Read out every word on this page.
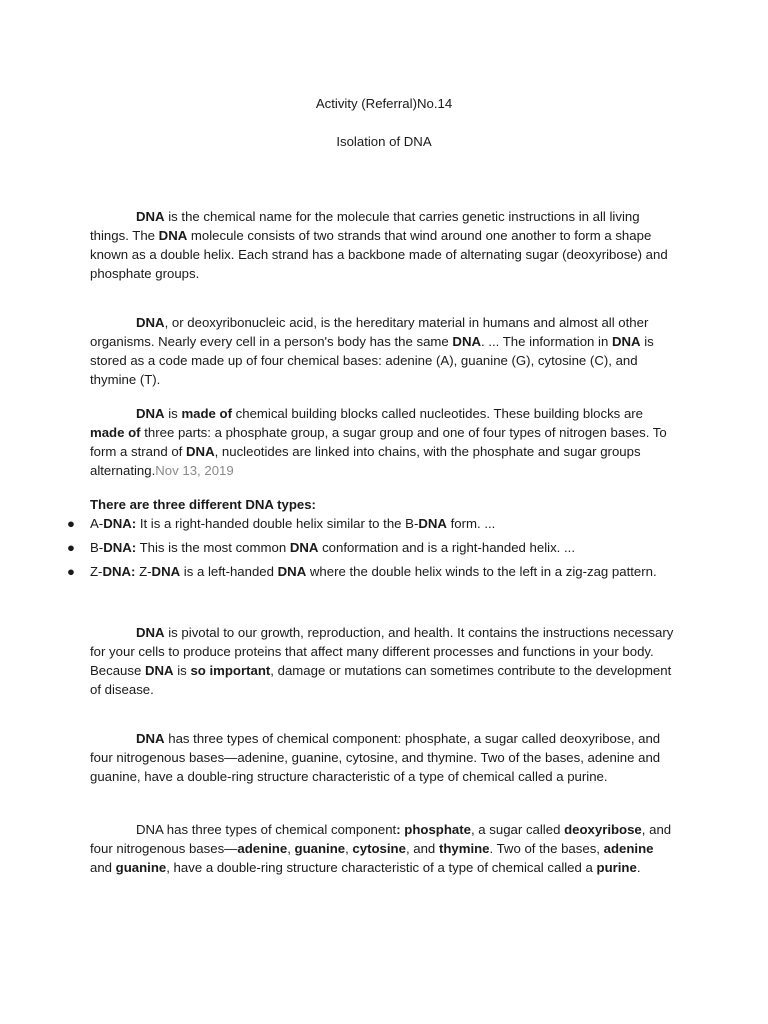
Activity (Referral)No.14
Isolation of DNA

DNA is the chemical name for the molecule that carries genetic instructions in all living things. The DNA molecule consists of two strands that wind around one another to form a shape known as a double helix. Each strand has a backbone made of alternating sugar (deoxyribose) and phosphate groups.

DNA, or deoxyribonucleic acid, is the hereditary material in humans and almost all other organisms. Nearly every cell in a person's body has the same DNA. ... The information in DNA is stored as a code made up of four chemical bases: adenine (A), guanine (G), cytosine (C), and thymine (T).

DNA is made of chemical building blocks called nucleotides. These building blocks are made of three parts: a phosphate group, a sugar group and one of four types of nitrogen bases. To form a strand of DNA, nucleotides are linked into chains, with the phosphate and sugar groups alternating.Nov 13, 2019

There are three different DNA types:

● A-DNA: It is a right-handed double helix similar to the B-DNA form. ...
● B-DNA: This is the most common DNA conformation and is a right-handed helix. ...
● Z-DNA: Z-DNA is a left-handed DNA where the double helix winds to the left in a zig-zag pattern.

DNA is pivotal to our growth, reproduction, and health. It contains the instructions necessary for your cells to produce proteins that affect many different processes and functions in your body. Because DNA is so important, damage or mutations can sometimes contribute to the development of disease.

DNA has three types of chemical component: phosphate, a sugar called deoxyribose, and four nitrogenous bases—adenine, guanine, cytosine, and thymine. Two of the bases, adenine and guanine, have a double-ring structure characteristic of a type of chemical called a purine.

DNA has three types of chemical component: phosphate, a sugar called deoxyribose, and four nitrogenous bases—adenine, guanine, cytosine, and thymine. Two of the bases, adenine and guanine, have a double-ring structure characteristic of a type of chemical called a purine.
